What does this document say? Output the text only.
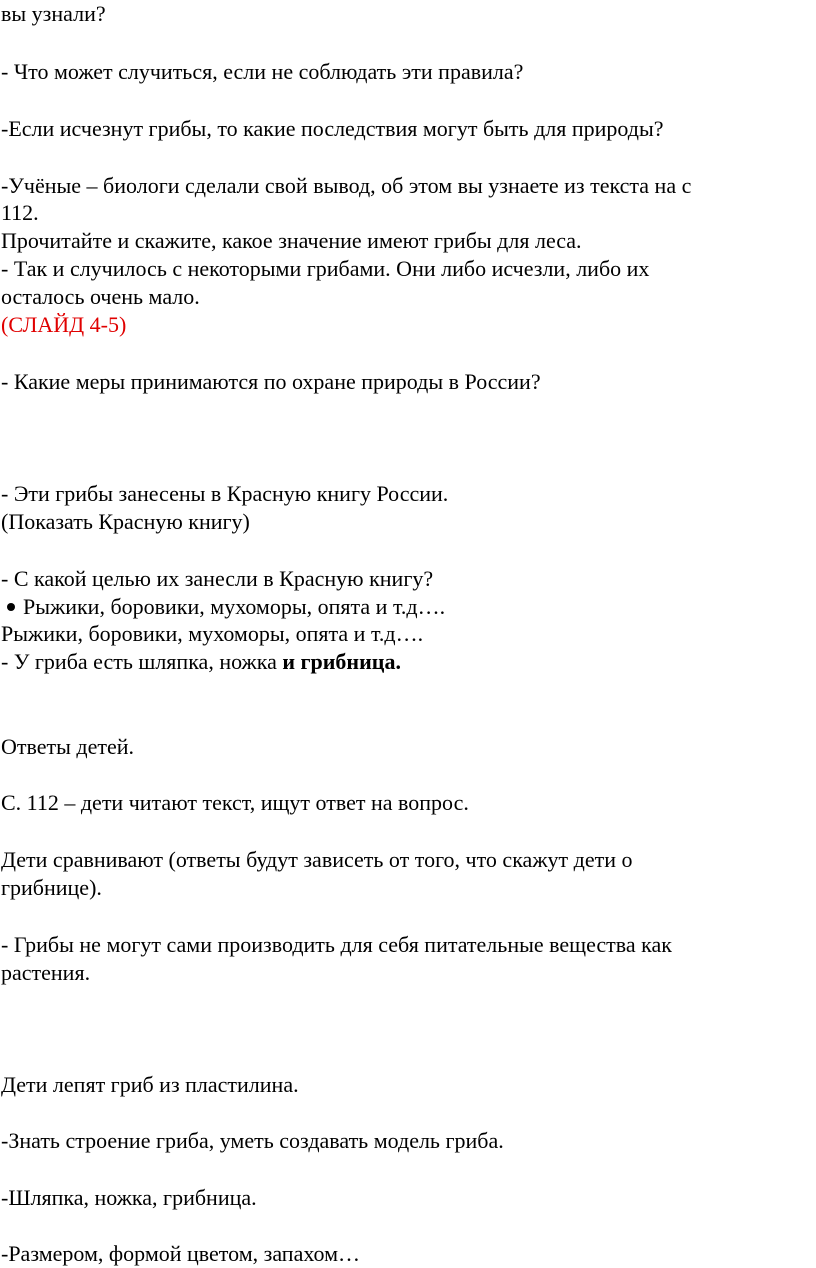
вы узнали?

- Что может случиться, если не соблюдать эти правила?

-Если исчезнут грибы, то какие последствия могут быть для природы?

-Учёные – биологи сделали свой вывод, об этом вы узнаете из текста на с

112.

Прочитайте и скажите, какое значение имеют грибы для леса.

- Так и случилось с некоторыми грибами. Они либо исчезли, либо их

осталось очень мало.

(СЛАЙД 4-5)

- Какие меры принимаются по охране природы в России?

- Эти грибы занесены в Красную книгу России.

(Показать Красную книгу)

- С какой целью их занесли в Красную книгу?

Рыжики, боровики, мухоморы, опята и т.д….

Рыжики, боровики, мухоморы, опята и т.д….

- У гриба есть шляпка, ножка и грибница.

Ответы детей.

С. 112 – дети читают текст, ищут ответ на вопрос.

Дети сравнивают (ответы будут зависеть от того, что скажут дети о

грибнице).

- Грибы не могут сами производить для себя питательные вещества как

растения.

Дети лепят гриб из пластилина.

-Знать строение гриба, уметь создавать модель гриба.

-Шляпка, ножка, грибница.

-Размером, формой цветом, запахом…
